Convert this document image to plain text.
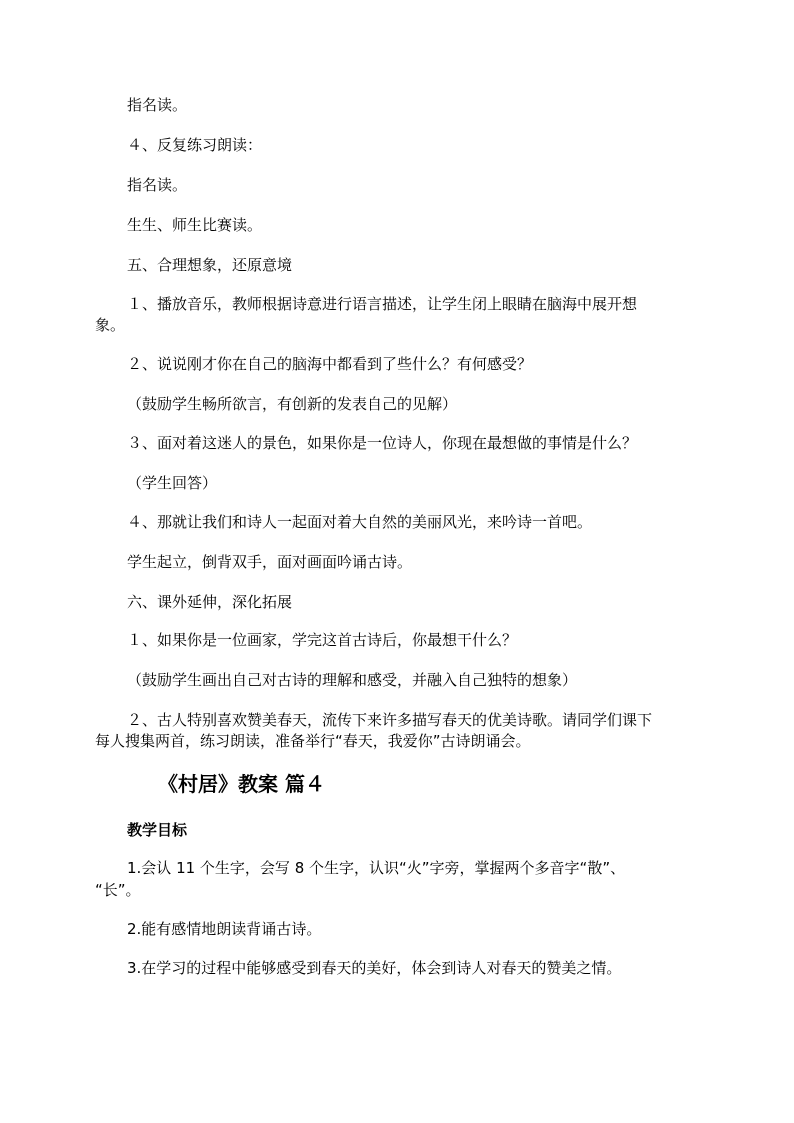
指名读。

４、反复练习朗读：

指名读。

生生、师生比赛读。

五、合理想象，还原意境

１、播放音乐，教师根据诗意进行语言描述，让学生闭上眼睛在脑海中展开想

象。

２、说说刚才你在自己的脑海中都看到了些什么？有何感受？

（鼓励学生畅所欲言，有创新的发表自己的见解）

３、面对着这迷人的景色，如果你是一位诗人，你现在最想做的事情是什么？

（学生回答）

４、那就让我们和诗人一起面对着大自然的美丽风光，来吟诗一首吧。

学生起立，倒背双手，面对画面吟诵古诗。

六、课外延伸，深化拓展

１、如果你是一位画家，学完这首古诗后，你最想干什么？

（鼓励学生画出自己对古诗的理解和感受，并融入自己独特的想象）

２、古人特别喜欢赞美春天，流传下来许多描写春天的优美诗歌。请同学们课下

每人搜集两首，练习朗读，准备举行“春天，我爱你”古诗朗诵会。

《村居》教案 篇４
教学目标

1.会认 11 个生字，会写 8 个生字，认识“火”字旁，掌握两个多音字“散”、

“长”。

2.能有感情地朗读背诵古诗。

3.在学习的过程中能够感受到春天的美好，体会到诗人对春天的赞美之情。
